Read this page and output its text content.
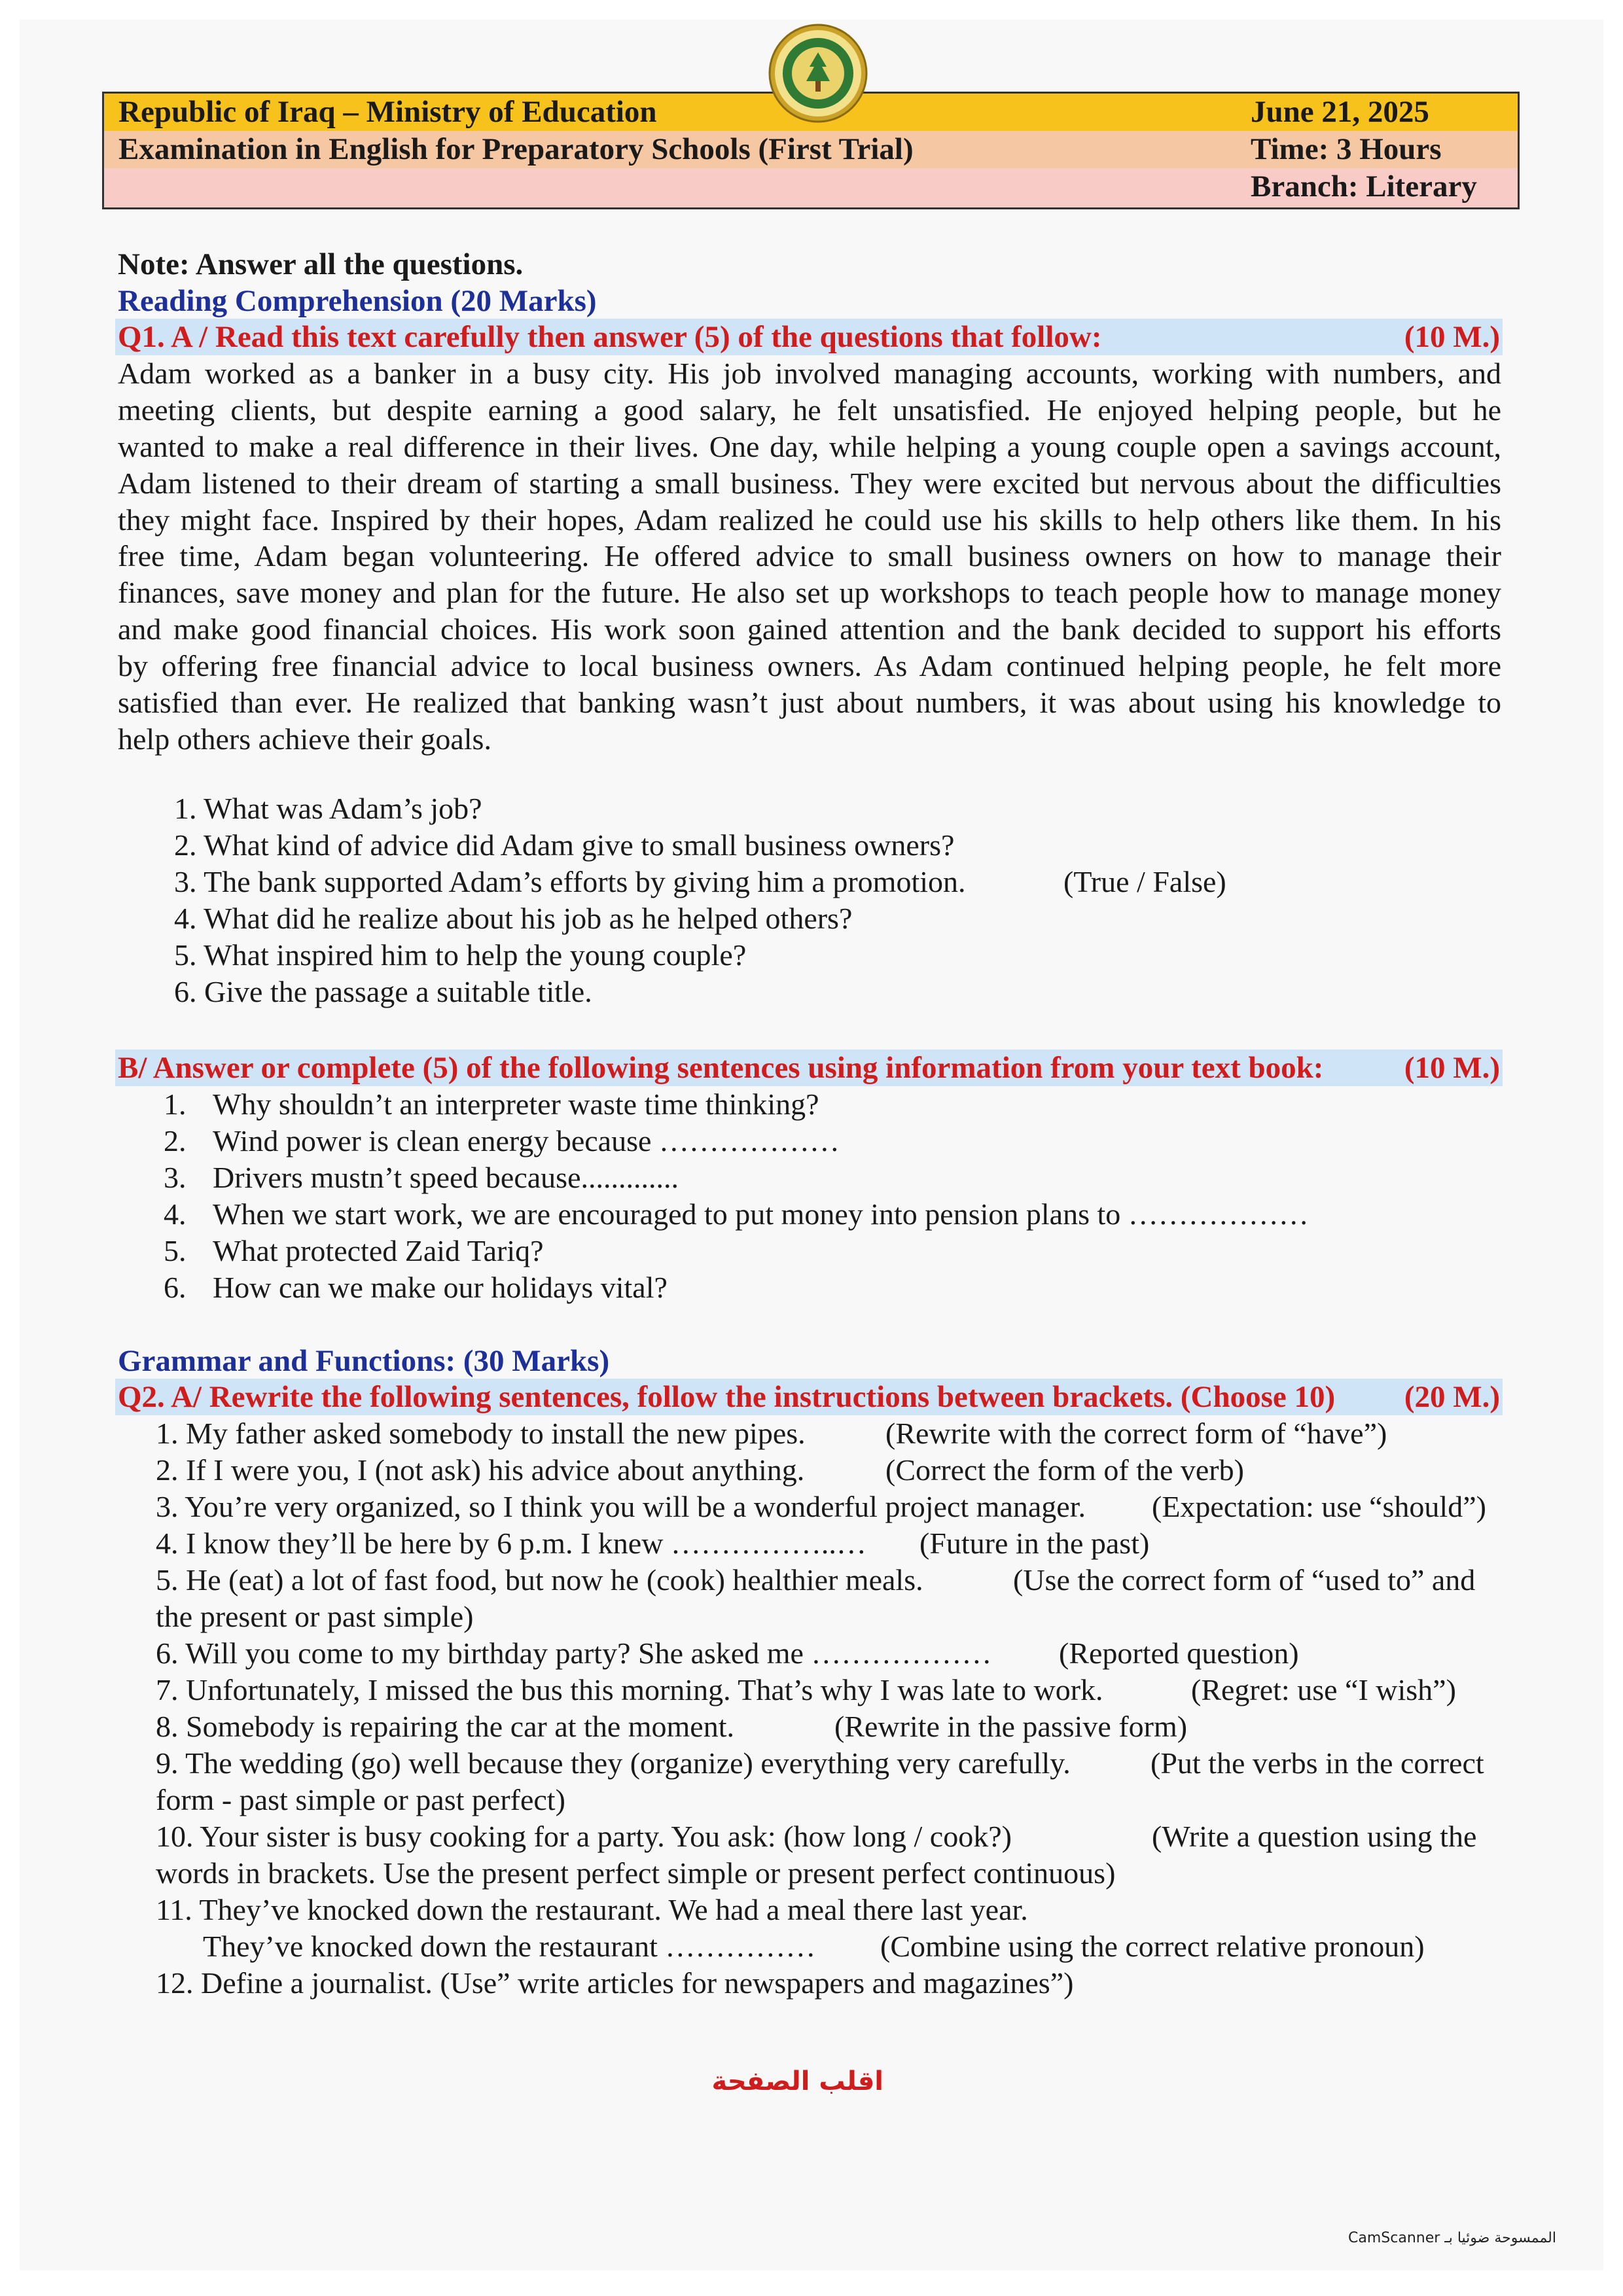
Republic of Iraq – Ministry of Education	June 21, 2025
Examination in English for Preparatory Schools (First Trial)	Time: 3 Hours
Branch: Literary
Note: Answer all the questions.
Reading Comprehension (20 Marks)
Q1. A / Read this text carefully then answer (5) of the questions that follow:	(10 M.)
Adam worked as a banker in a busy city. His job involved managing accounts, working with numbers, and
meeting clients, but despite earning a good salary, he felt unsatisfied. He enjoyed helping people, but he
wanted to make a real difference in their lives. One day, while helping a young couple open a savings account,
Adam listened to their dream of starting a small business. They were excited but nervous about the difficulties
they might face. Inspired by their hopes, Adam realized he could use his skills to help others like them. In his
free time, Adam began volunteering. He offered advice to small business owners on how to manage their
finances, save money and plan for the future. He also set up workshops to teach people how to manage money
and make good financial choices. His work soon gained attention and the bank decided to support his efforts
by offering free financial advice to local business owners. As Adam continued helping people, he felt more
satisfied than ever. He realized that banking wasn’t just about numbers, it was about using his knowledge to
help others achieve their goals.
1. What was Adam’s job?
2. What kind of advice did Adam give to small business owners?
3. The bank supported Adam’s efforts by giving him a promotion.	(True / False)
4. What did he realize about his job as he helped others?
5. What inspired him to help the young couple?
6. Give the passage a suitable title.
B/ Answer or complete (5) of the following sentences using information from your text book:	(10 M.)
1. Why shouldn’t an interpreter waste time thinking?
2. Wind power is clean energy because ………………
3. Drivers mustn’t speed because.............
4. When we start work, we are encouraged to put money into pension plans to ………………
5. What protected Zaid Tariq?
6. How can we make our holidays vital?
Grammar and Functions: (30 Marks)
Q2. A/ Rewrite the following sentences, follow the instructions between brackets. (Choose 10)	(20 M.)
1. My father asked somebody to install the new pipes.	(Rewrite with the correct form of “have”)
2. If I were you, I (not ask) his advice about anything.	(Correct the form of the verb)
3. You’re very organized, so I think you will be a wonderful project manager. (Expectation: use “should”)
4. I know they’ll be here by 6 p.m. I knew ……………..… (Future in the past)
5. He (eat) a lot of fast food, but now he (cook) healthier meals.	(Use the correct form of “used to” and
the present or past simple)
6. Will you come to my birthday party? She asked me ……………… (Reported question)
7. Unfortunately, I missed the bus this morning. That’s why I was late to work.	(Regret: use “I wish”)
8. Somebody is repairing the car at the moment.	(Rewrite in the passive form)
9. The wedding (go) well because they (organize) everything very carefully.	(Put the verbs in the correct
form - past simple or past perfect)
10. Your sister is busy cooking for a party. You ask: (how long / cook?)	(Write a question using the
words in brackets. Use the present perfect simple or present perfect continuous)
11. They’ve knocked down the restaurant. We had a meal there last year.
They’ve knocked down the restaurant …………… (Combine using the correct relative pronoun)
12. Define a journalist. (Use” write articles for newspapers and magazines”)
اقلب الصفحة
CamScanner الممسوحة ضوئيا بـ
